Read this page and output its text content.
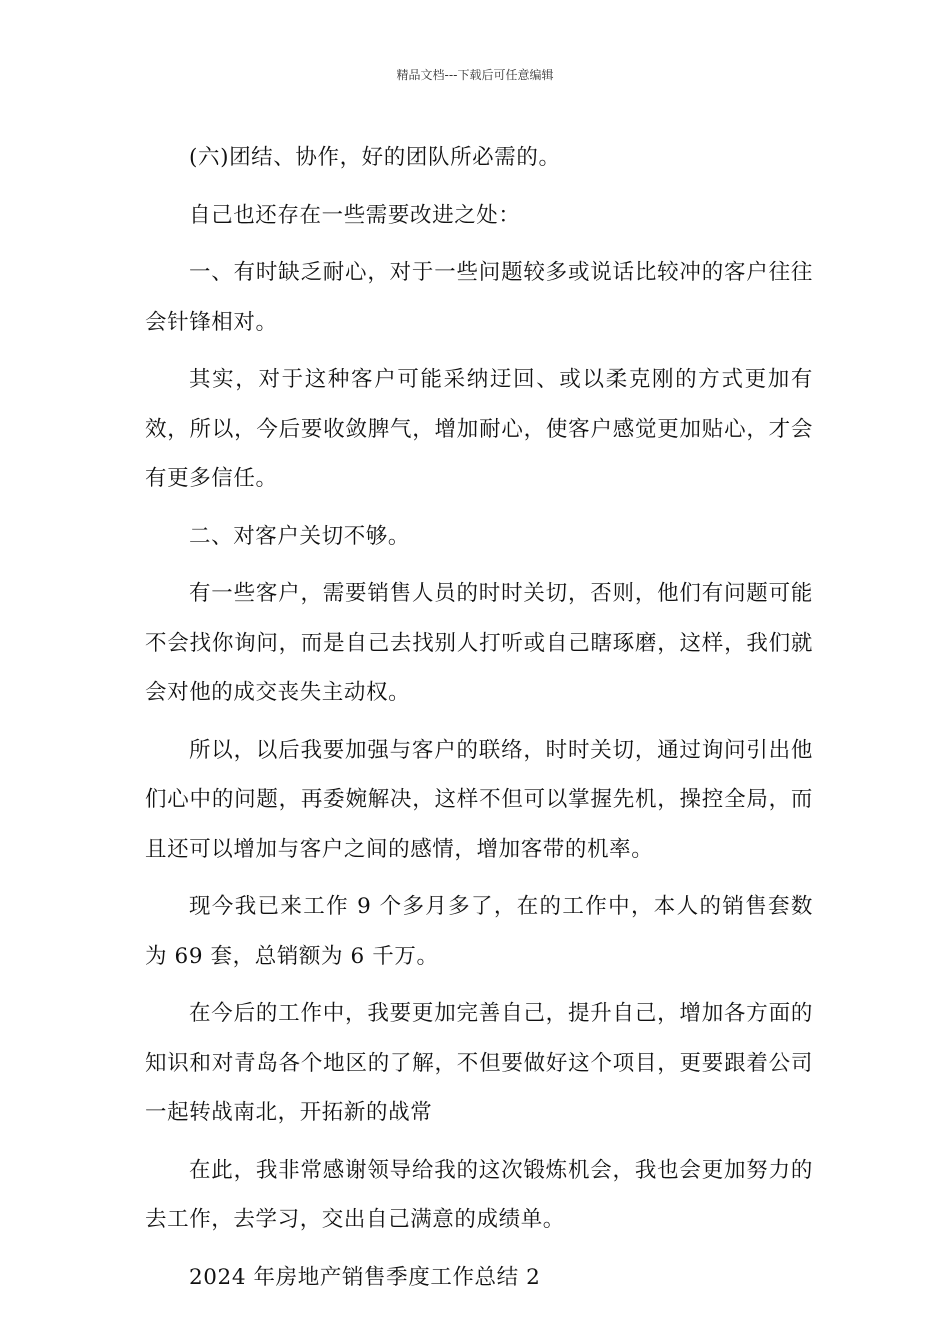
精品文档---下载后可任意编辑

(六)团结、协作，好的团队所必需的。

自己也还存在一些需要改进之处：

一、有时缺乏耐心，对于一些问题较多或说话比较冲的客户往往会针锋相对。

其实，对于这种客户可能采纳迂回、或以柔克刚的方式更加有效，所以，今后要收敛脾气，增加耐心，使客户感觉更加贴心，才会有更多信任。

二、对客户关切不够。

有一些客户，需要销售人员的时时关切，否则，他们有问题可能不会找你询问，而是自己去找别人打听或自己瞎琢磨，这样，我们就会对他的成交丧失主动权。

所以，以后我要加强与客户的联络，时时关切，通过询问引出他们心中的问题，再委婉解决，这样不但可以掌握先机，操控全局，而且还可以增加与客户之间的感情，增加客带的机率。

现今我已来工作 9 个多月多了，在的工作中，本人的销售套数为 69 套，总销额为 6 千万。

在今后的工作中，我要更加完善自己，提升自己，增加各方面的知识和对青岛各个地区的了解，不但要做好这个项目，更要跟着公司一起转战南北，开拓新的战常

在此，我非常感谢领导给我的这次锻炼机会，我也会更加努力的去工作，去学习，交出自己满意的成绩单。

2024 年房地产销售季度工作总结 2
